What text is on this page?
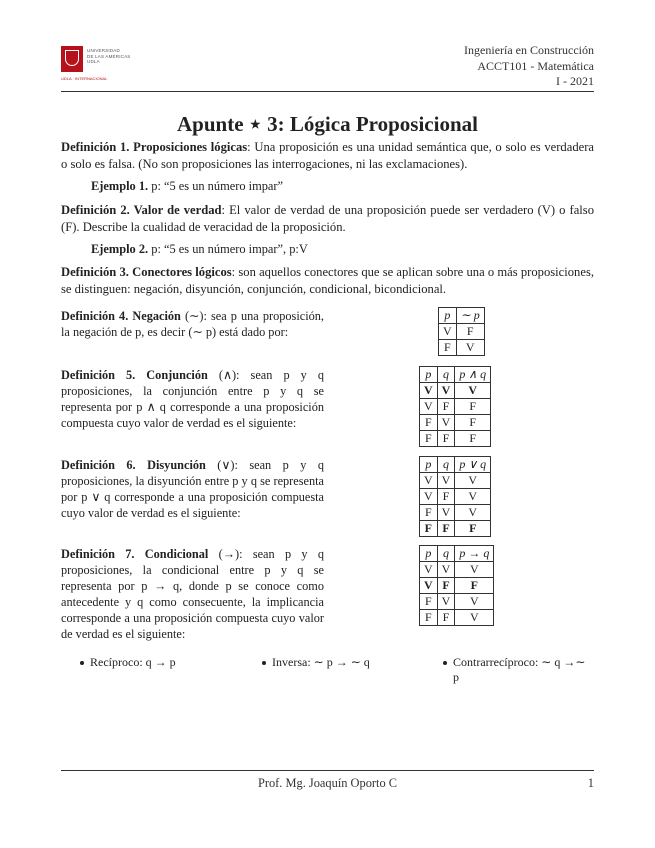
UNIVERSIDAD
DE LAS AMÉRICAS
UDLA
UDLA · INTERNACIONAL
Ingeniería en Construcción
ACCT101 - Matemática
I - 2021
Apunte ⋆ 3: Lógica Proposicional
Definición 1. Proposiciones lógicas: Una proposición es una unidad semántica que, o solo es verdadera o solo es falsa. (No son proposiciones las interrogaciones, ni las exclamaciones).
Ejemplo 1. p: “5 es un número impar”
Definición 2. Valor de verdad: El valor de verdad de una proposición puede ser verdadero (V) o falso (F). Describe la cualidad de veracidad de la proposición.
Ejemplo 2. p: “5 es un número impar”, p:V
Definición 3. Conectores lógicos: son aquellos conectores que se aplican sobre una o más proposiciones, se distinguen: negación, disyunción, conjunción, condicional, bicondicional.
Definición 4. Negación (∼): sea p una proposición, la negación de p, es decir (∼ p) está dado por:
Definición 5. Conjunción (∧): sean p y q proposiciones, la conjunción entre p y q se representa por p ∧ q corresponde a una proposición compuesta cuyo valor de verdad es el siguiente:
Definición 6. Disyunción (∨): sean p y q proposiciones, la disyunción entre p y q se representa por p ∨ q corresponde a una proposición compuesta cuyo valor de verdad es el siguiente:
Definición 7. Condicional (→): sean p y q proposiciones, la condicional entre p y q se representa por p → q, donde p se conoce como antecedente y q como consecuente, la implicancia corresponde a una proposición compuesta cuyo valor de verdad es el siguiente:
p	∼ p
V	F
F	V
p	q	p ∧ q
V	V	V
V	F	F
F	V	F
F	F	F
p	q	p ∨ q
V	V	V
V	F	V
F	V	V
F	F	F
p	q	p → q
V	V	V
V	F	F
F	V	V
F	F	V
Recíproco: q → p	Inversa: ∼ p → ∼ q	Contrarrecíproco: ∼ q →∼
p
Prof. Mg. Joaquín Oporto C	1
